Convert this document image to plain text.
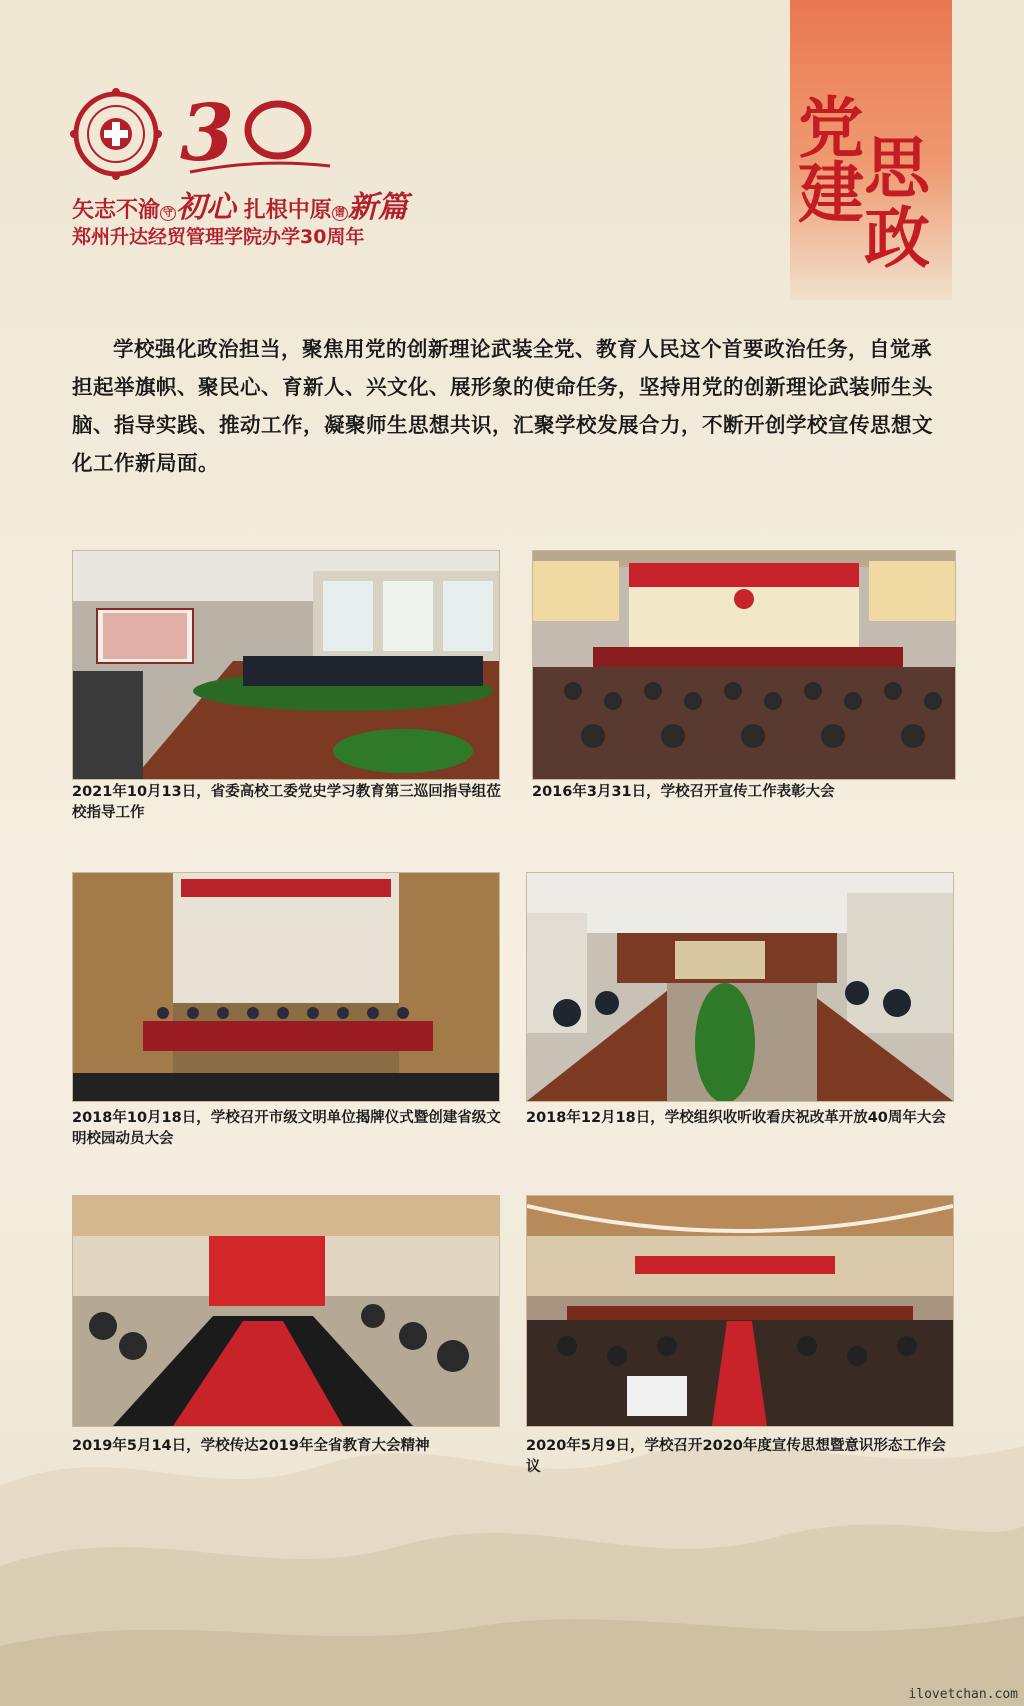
3
矢志不渝 守 初心 扎根中原 谱 新篇
郑州升达经贸管理学院办学30周年
党
思
建
政
学校强化政治担当，聚焦用党的创新理论武装全党、教育人民这个首要政治任务，自觉承担起举旗帜、聚民心、育新人、兴文化、展形象的使命任务，坚持用党的创新理论武装师生头脑、指导实践、推动工作，凝聚师生思想共识，汇聚学校发展合力，不断开创学校宣传思想文化工作新局面。
2021年10月13日，省委高校工委党史学习教育第三巡回指导组莅校指导工作
2016年3月31日，学校召开宣传工作表彰大会
2018年10月18日，学校召开市级文明单位揭牌仪式暨创建省级文明校园动员大会
2018年12月18日，学校组织收听收看庆祝改革开放40周年大会
2019年5月14日，学校传达2019年全省教育大会精神	2020年5月9日，学校召开2020年度宣传思想暨意识形态工作会议
ilovetchan.com
